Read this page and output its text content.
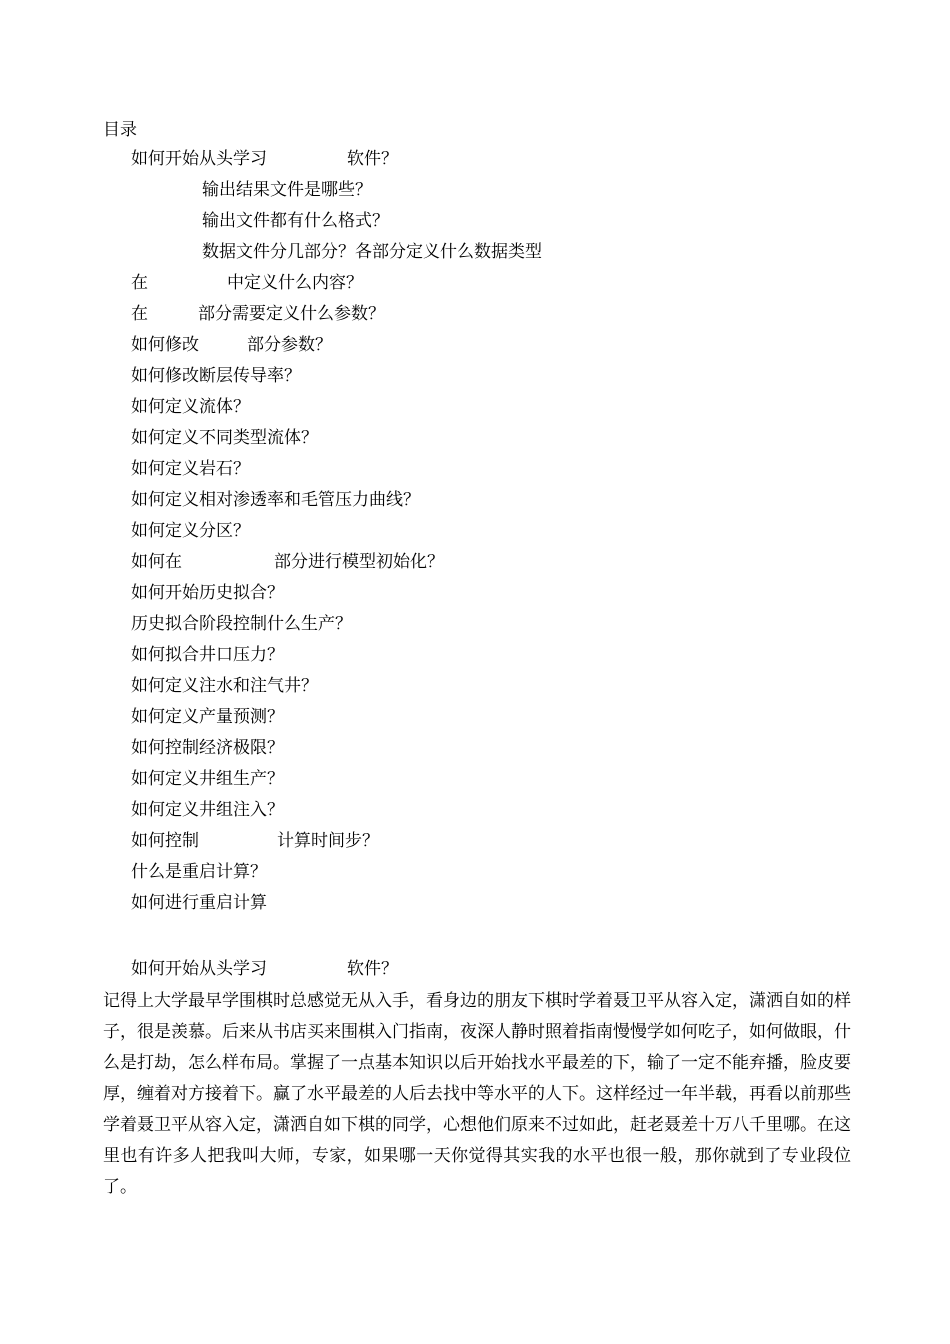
目录
如何开始从头学习	软件？
输出结果文件是哪些？
输出文件都有什么格式？
数据文件分几部分？各部分定义什么数据类型
在	中定义什么内容？
在	部分需要定义什么参数？
如何修改	部分参数？
如何修改断层传导率？
如何定义流体？
如何定义不同类型流体？
如何定义岩石？
如何定义相对渗透率和毛管压力曲线？
如何定义分区？
如何在	部分进行模型初始化？
如何开始历史拟合？
历史拟合阶段控制什么生产？
如何拟合井口压力？
如何定义注水和注气井？
如何定义产量预测？
如何控制经济极限？
如何定义井组生产？
如何定义井组注入？
如何控制	计算时间步？
什么是重启计算？
如何进行重启计算
如何开始从头学习	软件？

记得上大学最早学围棋时总感觉无从入手，看身边的朋友下棋时学着聂卫平从容入定，潇洒自如的样子，很是羡慕。后来从书店买来围棋入门指南，夜深人静时照着指南慢慢学如何吃子，如何做眼，什么是打劫，怎么样布局。掌握了一点基本知识以后开始找水平最差的下，输了一定不能弃播，脸皮要厚，缠着对方接着下。赢了水平最差的人后去找中等水平的人下。这样经过一年半载，再看以前那些学着聂卫平从容入定，潇洒自如下棋的同学，心想他们原来不过如此，赶老聂差十万八千里哪。在这里也有许多人把我叫大师，专家，如果哪一天你觉得其实我的水平也很一般，那你就到了专业段位了。
